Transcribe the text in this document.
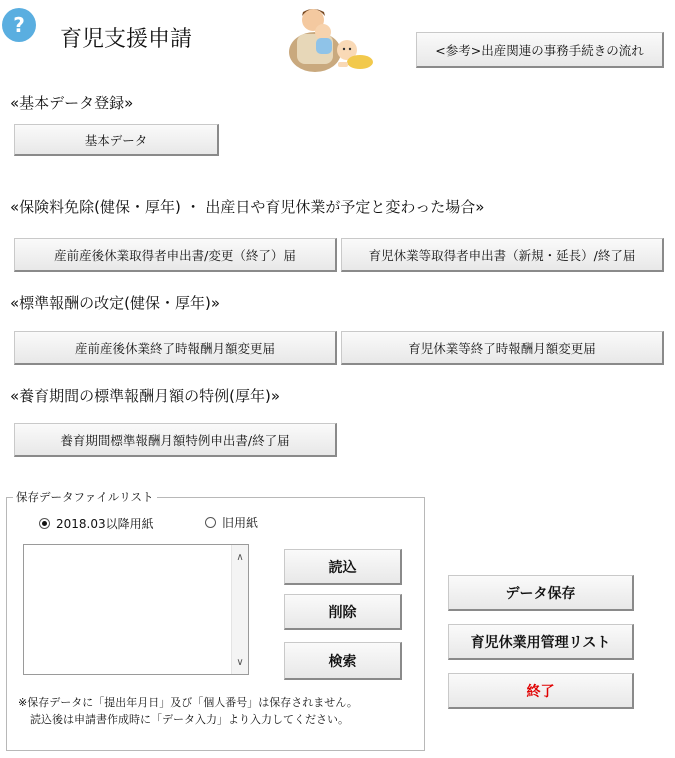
?
育児支援申請	<参考>出産関連の事務手続きの流れ
«基本データ登録»
基本データ
«保険料免除(健保・厚年) ・ 出産日や育児休業が予定と変わった場合»
産前産後休業取得者申出書/変更（終了）届	育児休業等取得者申出書（新規・延長）/終了届
«標準報酬の改定(健保・厚年)»
産前産後休業終了時報酬月額変更届	育児休業等終了時報酬月額変更届
«養育期間の標準報酬月額の特例(厚年)»
養育期間標準報酬月額特例申出書/終了届
保存データファイルリスト
2018.03以降用紙	旧用紙
∧
∨
読込
削除
検索
※保存データに「提出年月日」及び「個人番号」は保存されません。
読込後は申請書作成時に「データ入力」より入力してください。
データ保存
育児休業用管理リスト
終了
